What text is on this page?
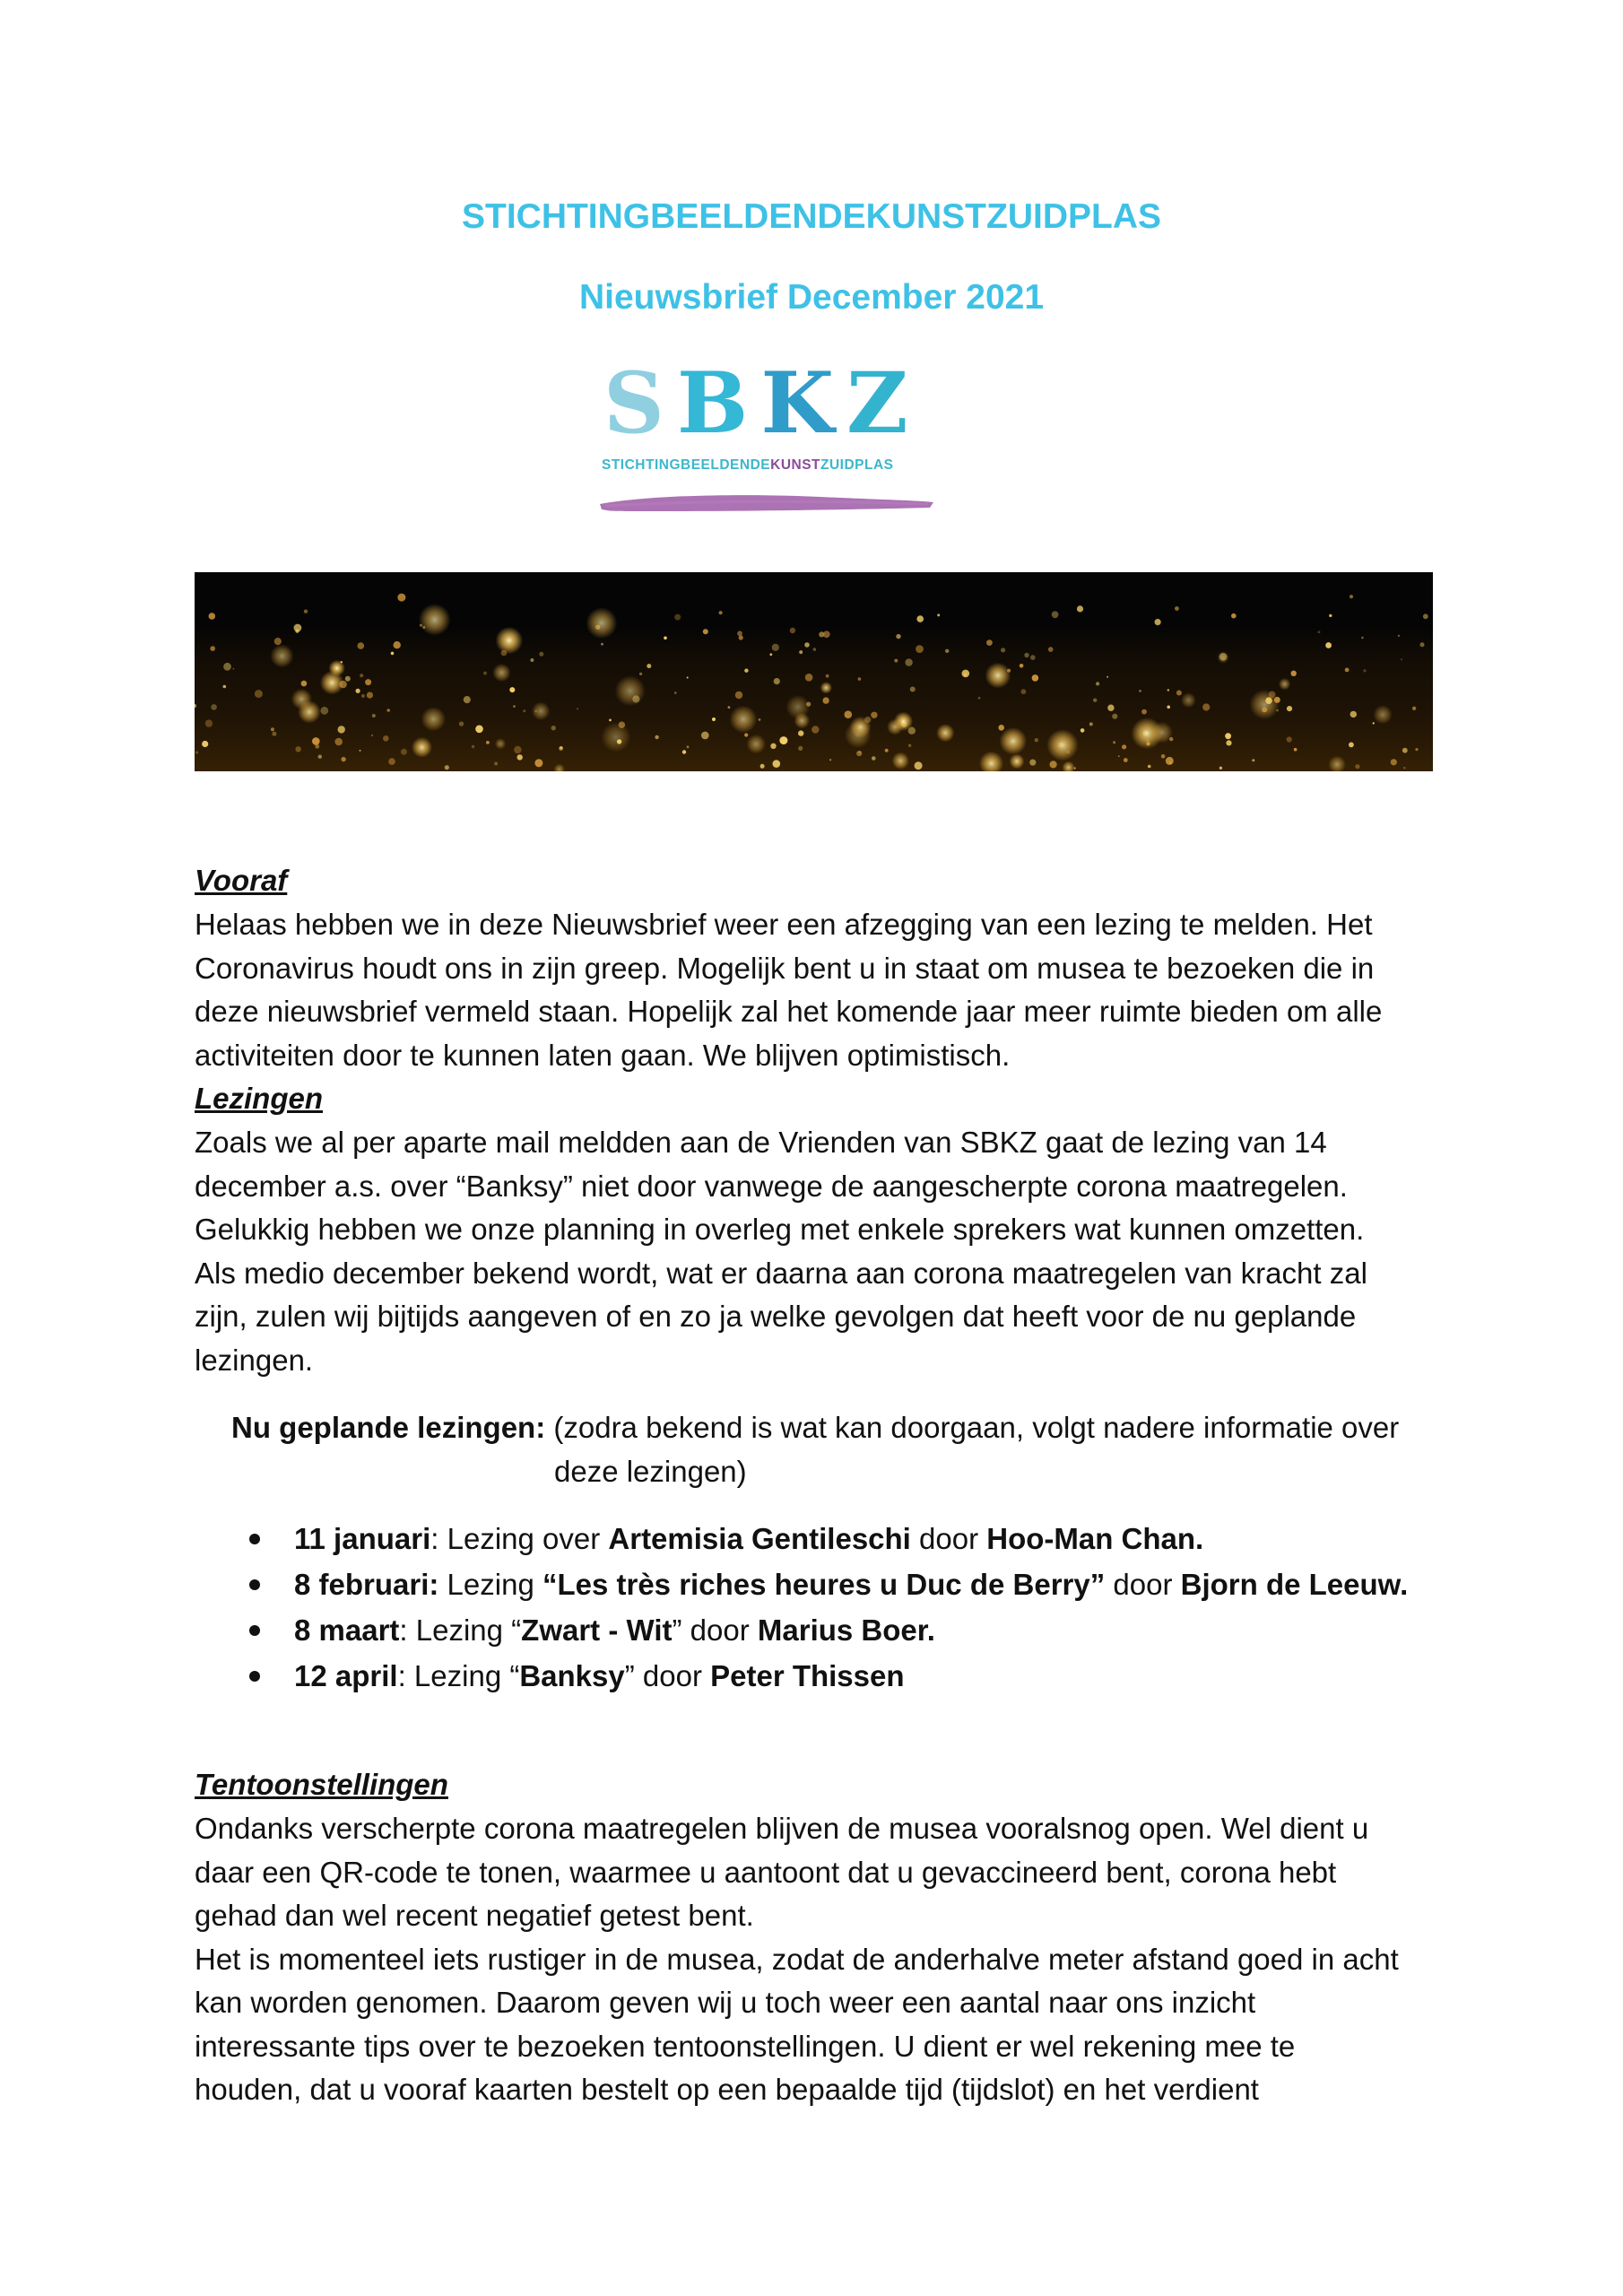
STICHTINGBEELDENDEKUNSTZUIDPLAS
Nieuwsbrief December 2021
SBKZ
STICHTINGBEELDENDEKUNSTZUIDPLAS
Vooraf
Helaas hebben we in deze Nieuwsbrief weer een afzegging van een lezing te melden. Het
Coronavirus houdt ons in zijn greep. Mogelijk bent u in staat om musea te bezoeken die in
deze nieuwsbrief vermeld staan. Hopelijk zal het komende jaar meer ruimte bieden om alle
activiteiten door te kunnen laten gaan. We blijven optimistisch.
Lezingen
Zoals we al per aparte mail meldden aan de Vrienden van SBKZ gaat de lezing van 14
december a.s. over “Banksy” niet door vanwege de aangescherpte corona maatregelen.
Gelukkig hebben we onze planning in overleg met enkele sprekers wat kunnen omzetten.
Als medio december bekend wordt, wat er daarna aan corona maatregelen van kracht zal
zijn, zulen wij bijtijds aangeven of en zo ja welke gevolgen dat heeft voor de nu geplande
lezingen.
Nu geplande lezingen: (zodra bekend is wat kan doorgaan, volgt nadere informatie over
deze lezingen)
11 januari: Lezing over Artemisia Gentileschi door Hoo-Man Chan.
8 februari: Lezing “Les très riches heures u Duc de Berry” door Bjorn de Leeuw.
8 maart: Lezing “Zwart - Wit” door Marius Boer.
12 april: Lezing “Banksy” door Peter Thissen
Tentoonstellingen
Ondanks verscherpte corona maatregelen blijven de musea vooralsnog open. Wel dient u
daar een QR-code te tonen, waarmee u aantoont dat u gevaccineerd bent, corona hebt
gehad dan wel recent negatief getest bent.
Het is momenteel iets rustiger in de musea, zodat de anderhalve meter afstand goed in acht
kan worden genomen. Daarom geven wij u toch weer een aantal naar ons inzicht
interessante tips over te bezoeken tentoonstellingen. U dient er wel rekening mee te
houden, dat u vooraf kaarten bestelt op een bepaalde tijd (tijdslot) en het verdient
